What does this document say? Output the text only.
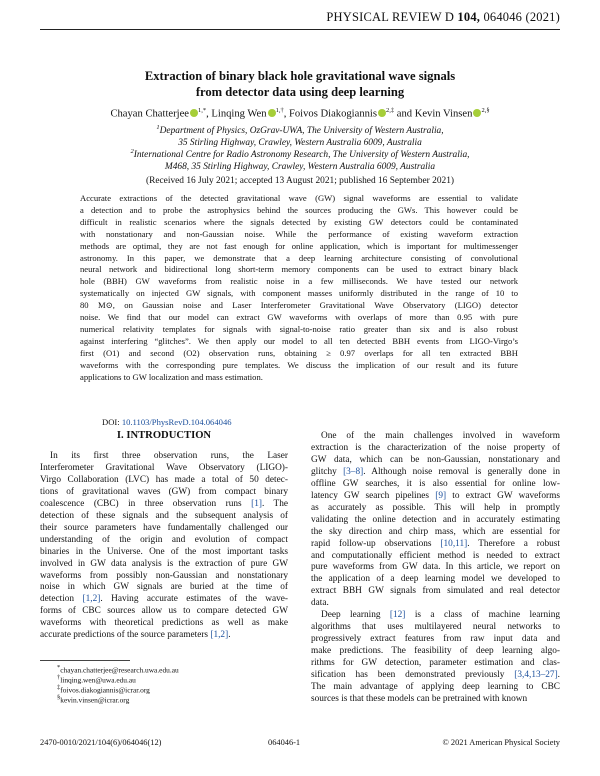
PHYSICAL REVIEW D 104, 064046 (2021)
Extraction of binary black hole gravitational wave signals
from detector data using deep learning
Chayan Chatterjee $^{1,*}$, Linqing Wen $^{1,\dagger}$, Foivos Diakogiannis $^{2,\ddagger}$ and Kevin Vinsen $^{2,\S}$
$^1$Department of Physics, OzGrav-UWA, The University of Western Australia,
35 Stirling Highway, Crawley, Western Australia 6009, Australia
$^2$International Centre for Radio Astronomy Research, The University of Western Australia,
M468, 35 Stirling Highway, Crawley, Western Australia 6009, Australia
(Received 16 July 2021; accepted 13 August 2021; published 16 September 2021)
Accurate extractions of the detected gravitational wave (GW) signal waveforms are essential to validate
a detection and to probe the astrophysics behind the sources producing the GWs. This however could be
difficult in realistic scenarios where the signals detected by existing GW detectors could be contaminated
with nonstationary and non-Gaussian noise. While the performance of existing waveform extraction
methods are optimal, they are not fast enough for online application, which is important for multimessenger
astronomy. In this paper, we demonstrate that a deep learning architecture consisting of convolutional
neural network and bidirectional long short-term memory components can be used to extract binary black
hole (BBH) GW waveforms from realistic noise in a few milliseconds. We have tested our network
systematically on injected GW signals, with component masses uniformly distributed in the range of 10 to
80 M⊙, on Gaussian noise and Laser Interferometer Gravitational Wave Observatory (LIGO) detector
noise. We find that our model can extract GW waveforms with overlaps of more than 0.95 with pure
numerical relativity templates for signals with signal-to-noise ratio greater than six and is also robust
against interfering “glitches”. We then apply our model to all ten detected BBH events from LIGO-Virgo’s
first (O1) and second (O2) observation runs, obtaining ≥ 0.97 overlaps for all ten extracted BBH
waveforms with the corresponding pure templates. We discuss the implication of our result and its future
applications to GW localization and mass estimation.
DOI: 10.1103/PhysRevD.104.064046
I. INTRODUCTION
In its first three observation runs, the Laser
Interferometer Gravitational Wave Observatory (LIGO)-
Virgo Collaboration (LVC) has made a total of 50 detec-
tions of gravitational waves (GW) from compact binary
coalescence (CBC) in three observation runs [1]. The
detection of these signals and the subsequent analysis of
their source parameters have fundamentally challenged our
understanding of the origin and evolution of compact
binaries in the Universe. One of the most important tasks
involved in GW data analysis is the extraction of pure GW
waveforms from possibly non-Gaussian and nonstationary
noise in which GW signals are buried at the time of
detection [1,2]. Having accurate estimates of the wave-
forms of CBC sources allow us to compare detected GW
waveforms with theoretical predictions as well as make
accurate predictions of the source parameters [1,2].
One of the main challenges involved in waveform
extraction is the characterization of the noise property of
GW data, which can be non-Gaussian, nonstationary and
glitchy [3–8]. Although noise removal is generally done in
offline GW searches, it is also essential for online low-
latency GW search pipelines [9] to extract GW waveforms
as accurately as possible. This will help in promptly
validating the online detection and in accurately estimating
the sky direction and chirp mass, which are essential for
rapid follow-up observations [10,11]. Therefore a robust
and computationally efficient method is needed to extract
pure waveforms from GW data. In this article, we report on
the application of a deep learning model we developed to
extract BBH GW signals from simulated and real detector
data.
Deep learning [12] is a class of machine learning
algorithms that uses multilayered neural networks to
progressively extract features from raw input data and
make predictions. The feasibility of deep learning algo-
rithms for GW detection, parameter estimation and clas-
sification has been demonstrated previously [3,4,13–27].
The main advantage of applying deep learning to CBC
sources is that these models can be pretrained with known
*chayan.chatterjee@research.uwa.edu.au
†linqing.wen@uwa.edu.au
‡foivos.diakogiannis@icrar.org
§kevin.vinsen@icrar.org
2470-0010/2021/104(6)/064046(12)	064046-1	© 2021 American Physical Society
